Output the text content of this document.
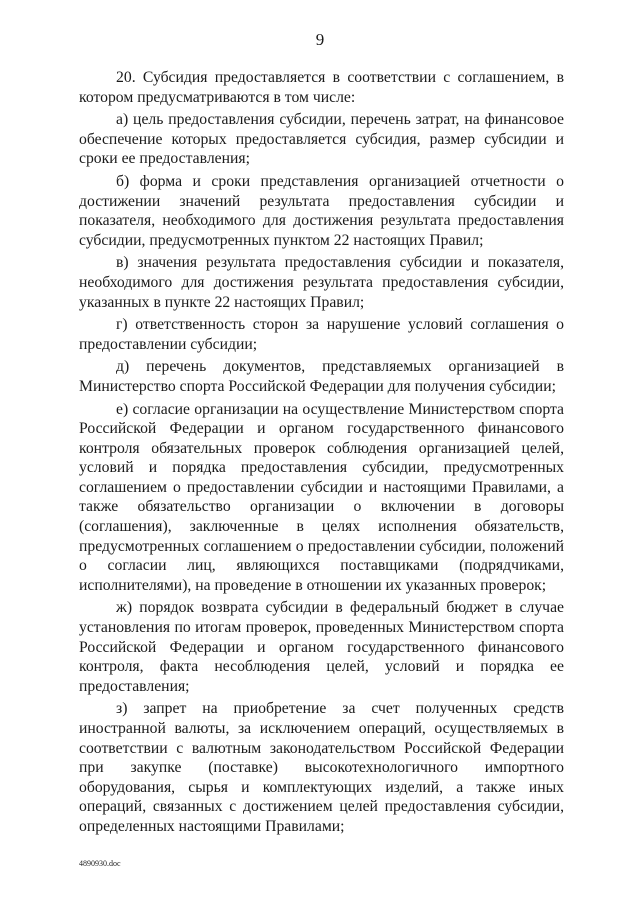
9

20. Субсидия предоставляется в соответствии с соглашением, в котором предусматриваются в том числе:

а) цель предоставления субсидии, перечень затрат, на финансовое обеспечение которых предоставляется субсидия, размер субсидии и сроки ее предоставления;

б) форма и сроки представления организацией отчетности о достижении значений результата предоставления субсидии и показателя, необходимого для достижения результата предоставления субсидии, предусмотренных пунктом 22 настоящих Правил;

в) значения результата предоставления субсидии и показателя, необходимого для достижения результата предоставления субсидии, указанных в пункте 22 настоящих Правил;

г) ответственность сторон за нарушение условий соглашения о предоставлении субсидии;

д) перечень документов, представляемых организацией в Министерство спорта Российской Федерации для получения субсидии;

е) согласие организации на осуществление Министерством спорта Российской Федерации и органом государственного финансового контроля обязательных проверок соблюдения организацией целей, условий и порядка предоставления субсидии, предусмотренных соглашением о предоставлении субсидии и настоящими Правилами, а также обязательство организации о включении в договоры (соглашения), заключенные в целях исполнения обязательств, предусмотренных соглашением о предоставлении субсидии, положений о согласии лиц, являющихся поставщиками (подрядчиками, исполнителями), на проведение в отношении их указанных проверок;

ж) порядок возврата субсидии в федеральный бюджет в случае установления по итогам проверок, проведенных Министерством спорта Российской Федерации и органом государственного финансового контроля, факта несоблюдения целей, условий и порядка ее предоставления;

з) запрет на приобретение за счет полученных средств иностранной валюты, за исключением операций, осуществляемых в соответствии с валютным законодательством Российской Федерации при закупке (поставке) высокотехнологичного импортного оборудования, сырья и комплектующих изделий, а также иных операций, связанных с достижением целей предоставления субсидии, определенных настоящими Правилами;

4890930.doc
